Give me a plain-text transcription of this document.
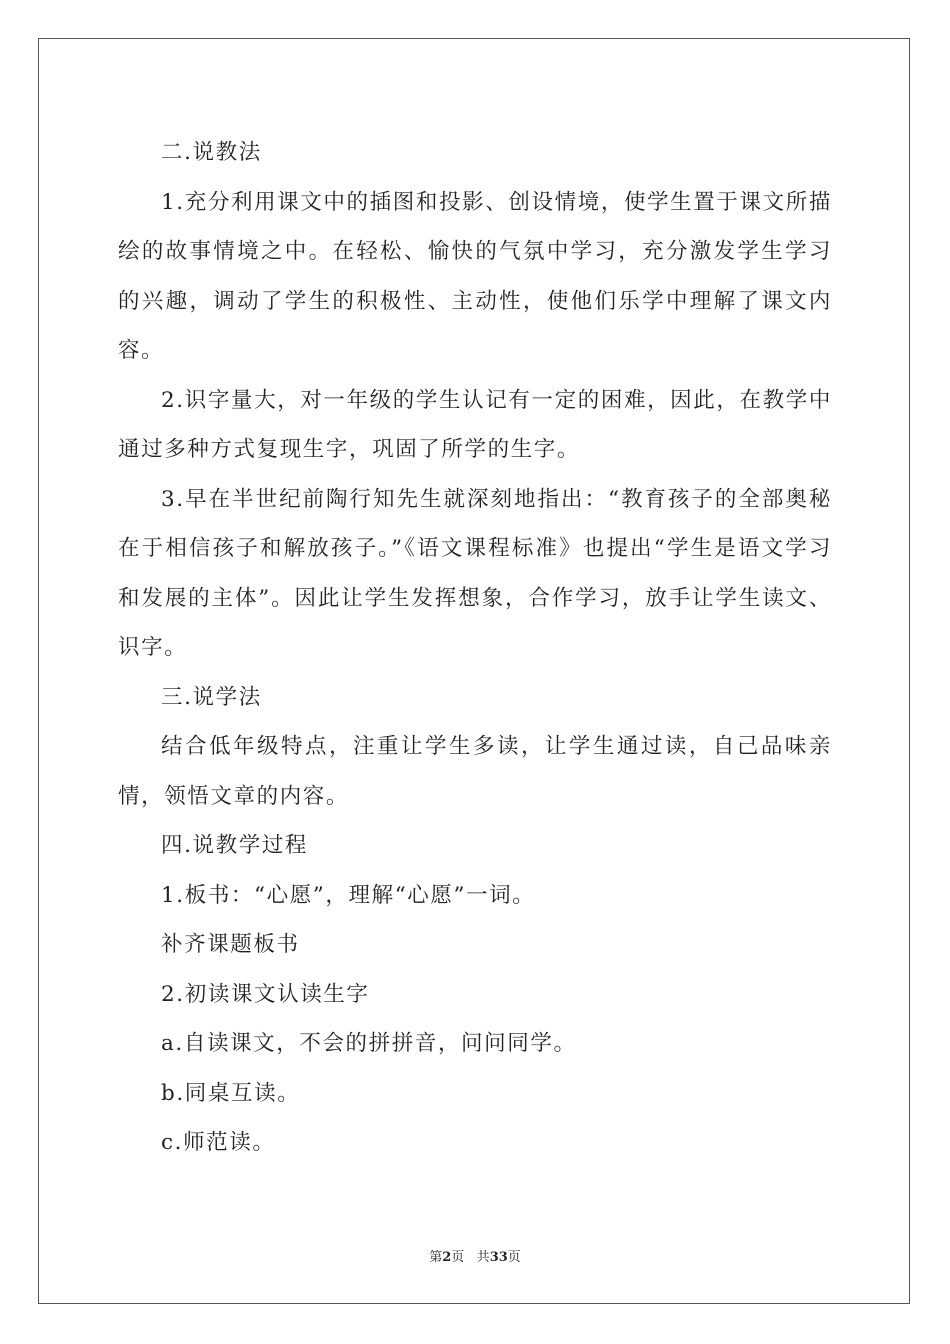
二.说教法

1.充分利用课文中的插图和投影、创设情境，使学生置于课文所描绘的故事情境之中。在轻松、愉快的气氛中学习，充分激发学生学习的兴趣，调动了学生的积极性、主动性，使他们乐学中理解了课文内容。

2.识字量大，对一年级的学生认记有一定的困难，因此，在教学中通过多种方式复现生字，巩固了所学的生字。

3.早在半世纪前陶行知先生就深刻地指出：“教育孩子的全部奥秘在于相信孩子和解放孩子。”《语文课程标准》也提出“学生是语文学习和发展的主体”。因此让学生发挥想象，合作学习，放手让学生读文、识字。

三.说学法

结合低年级特点，注重让学生多读，让学生通过读，自己品味亲情，领悟文章的内容。

四.说教学过程

1.板书：“心愿”，理解“心愿”一词。

补齐课题板书

2.初读课文认读生字

a.自读课文，不会的拼拼音，问问同学。

b.同桌互读。

c.师范读。

第2页 共33页
